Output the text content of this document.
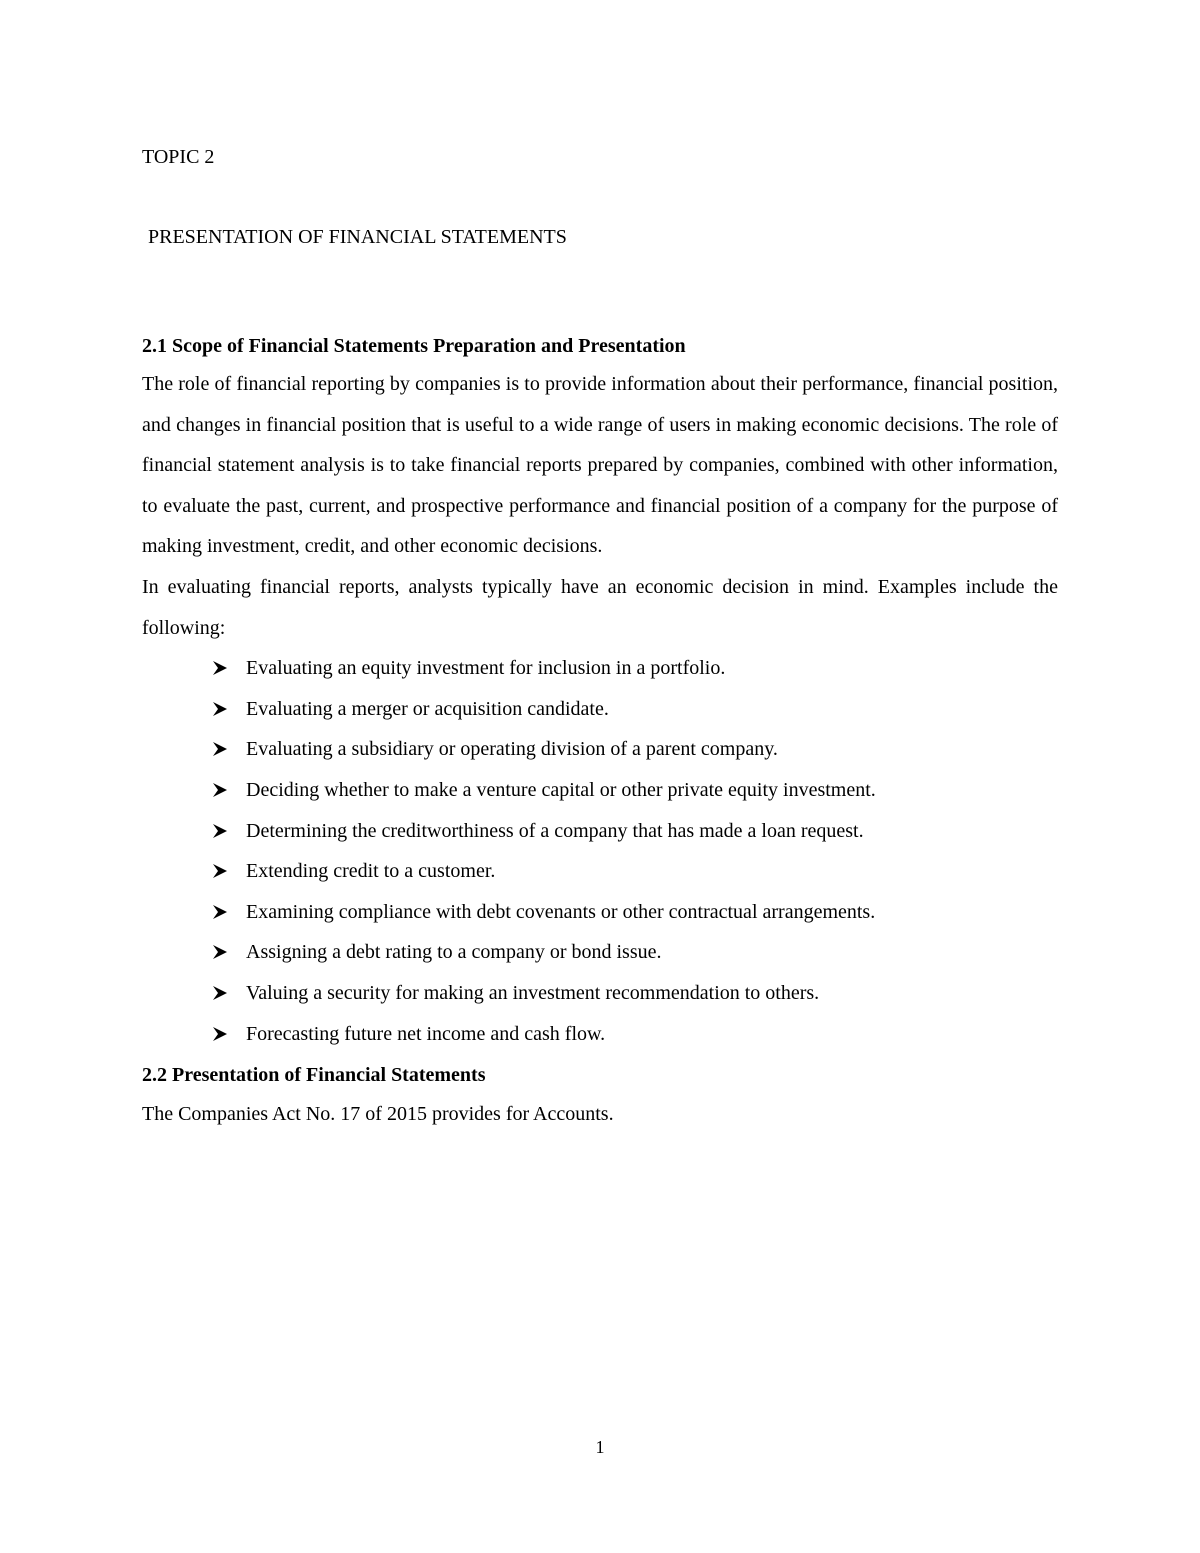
TOPIC 2
PRESENTATION OF FINANCIAL STATEMENTS

2.1 Scope of Financial Statements Preparation and Presentation

The role of financial reporting by companies is to provide information about their performance, financial position, and changes in financial position that is useful to a wide range of users in making economic decisions. The role of financial statement analysis is to take financial reports prepared by companies, combined with other information, to evaluate the past, current, and prospective performance and financial position of a company for the purpose of making investment, credit, and other economic decisions.

In evaluating financial reports, analysts typically have an economic decision in mind. Examples include the following:

Evaluating an equity investment for inclusion in a portfolio.
Evaluating a merger or acquisition candidate.
Evaluating a subsidiary or operating division of a parent company.
Deciding whether to make a venture capital or other private equity investment.
Determining the creditworthiness of a company that has made a loan request.
Extending credit to a customer.
Examining compliance with debt covenants or other contractual arrangements.
Assigning a debt rating to a company or bond issue.
Valuing a security for making an investment recommendation to others.
Forecasting future net income and cash flow.

2.2 Presentation of Financial Statements

The Companies Act No. 17 of 2015 provides for Accounts.

1
